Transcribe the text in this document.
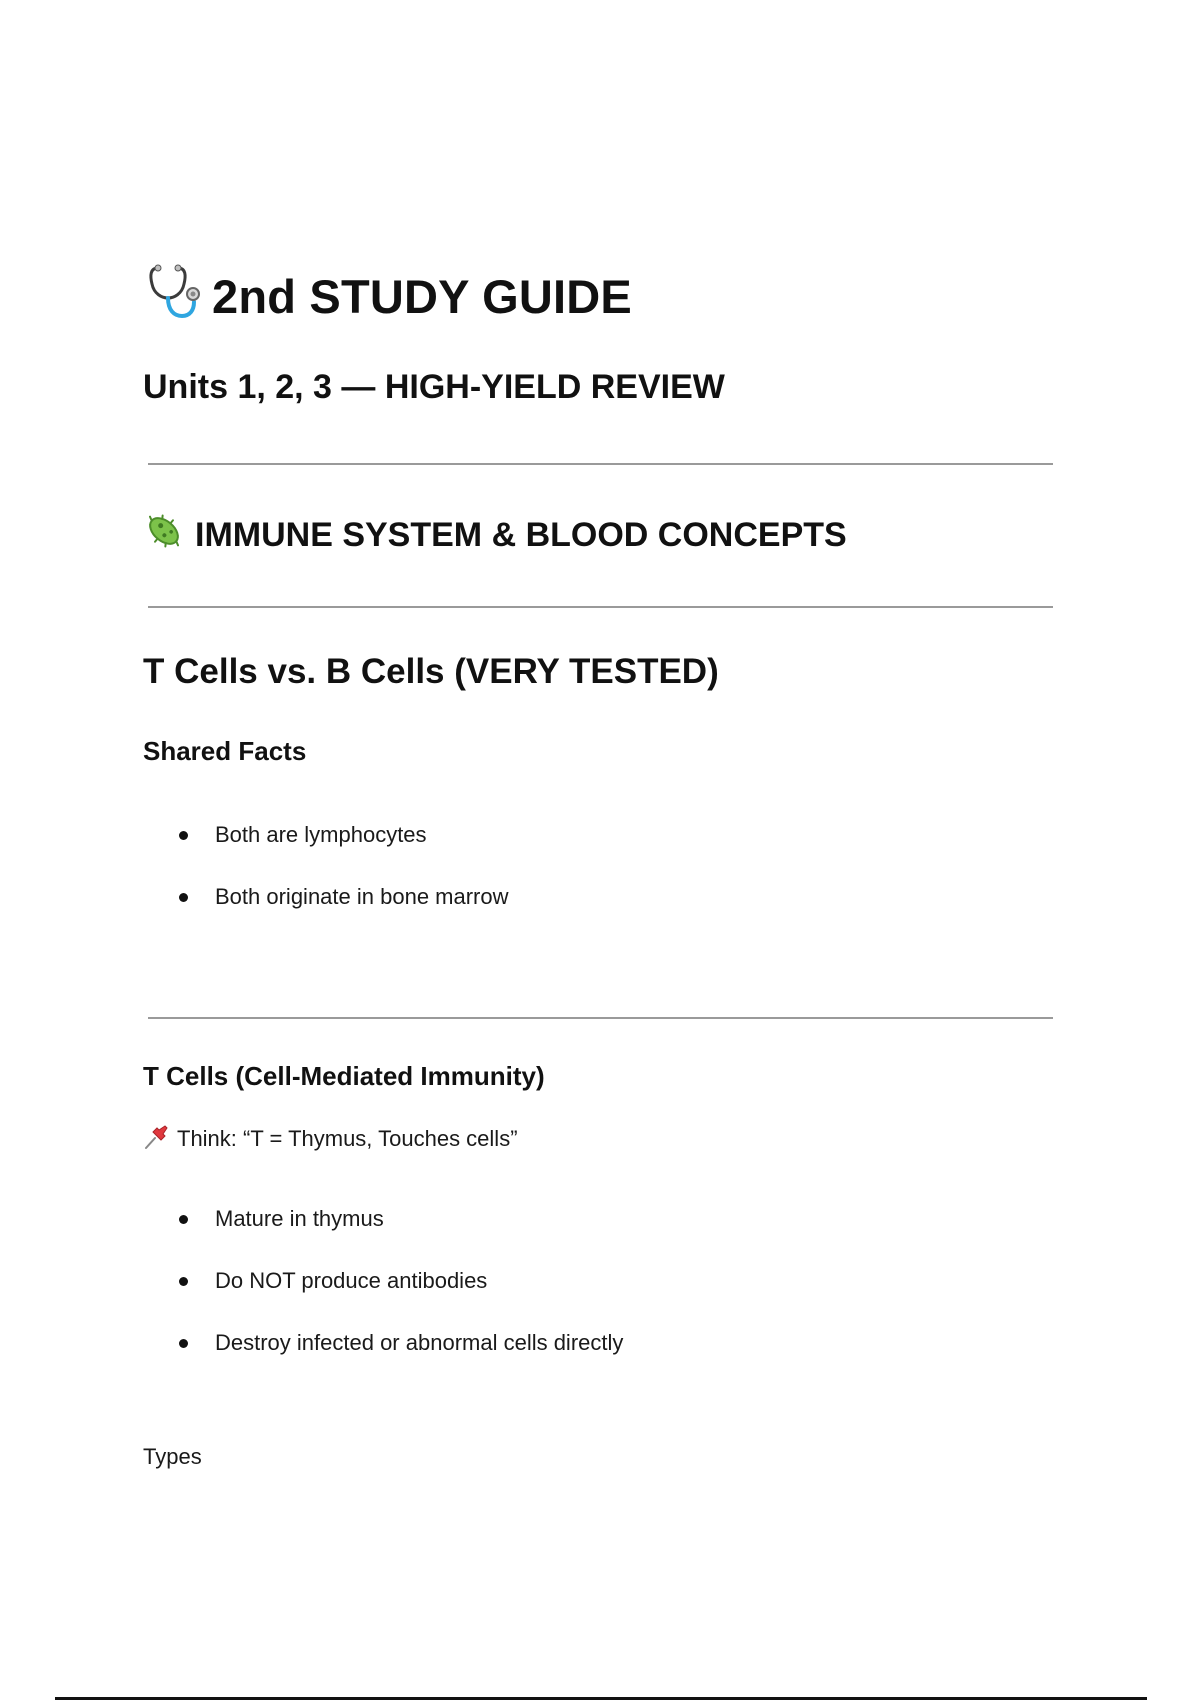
2nd STUDY GUIDE
Units 1, 2, 3 — HIGH-YIELD REVIEW
IMMUNE SYSTEM & BLOOD CONCEPTS
T Cells vs. B Cells (VERY TESTED)
Shared Facts
Both are lymphocytes
Both originate in bone marrow
T Cells (Cell-Mediated Immunity)
Think: “T = Thymus, Touches cells”
Mature in thymus
Do NOT produce antibodies
Destroy infected or abnormal cells directly
Types
